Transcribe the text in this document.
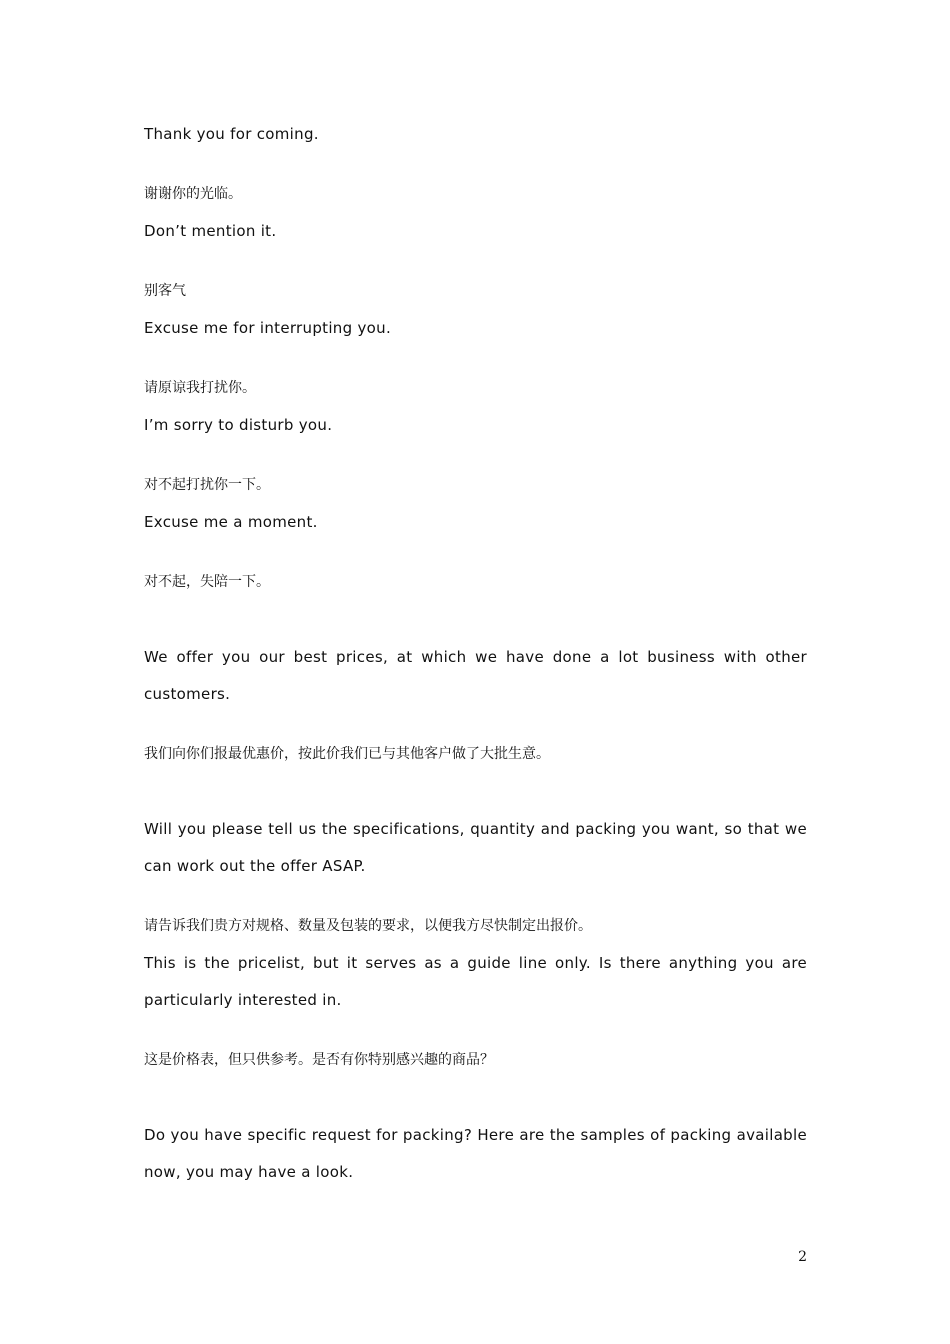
Thank you for coming.
谢谢你的光临。
Don’t mention it.
别客气
Excuse me for interrupting you.
请原谅我打扰你。
I’m sorry to disturb you.
对不起打扰你一下。
Excuse me a moment.
对不起，失陪一下。
We offer you our best prices, at which we have done a lot business with other
customers.
我们向你们报最优惠价，按此价我们已与其他客户做了大批生意。
Will you please tell us the specifications, quantity and packing you want, so that we
can work out the offer ASAP.
请告诉我们贵方对规格、数量及包装的要求，以便我方尽快制定出报价。
This is the pricelist, but it serves as a guide line only. Is there anything you are
particularly interested in.
这是价格表，但只供参考。是否有你特别感兴趣的商品？
Do you have specific request for packing? Here are the samples of packing available
now, you may have a look.
2
